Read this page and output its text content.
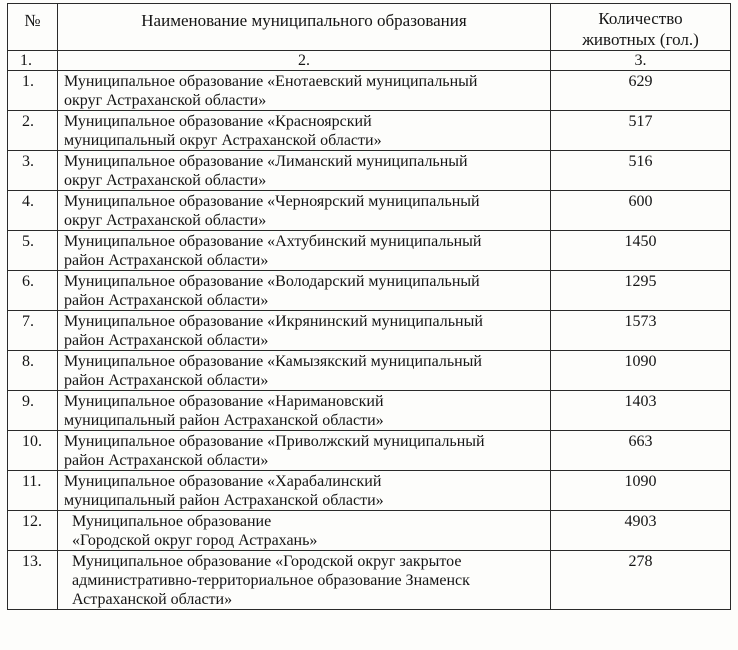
№	Наименование муниципального образования	Количество
животных (гол.)

1.	2.	3.
1.	Муниципальное образование «Енотаевский муниципальный
округ Астраханской области»	629
2.	Муниципальное образование «Красноярский
муниципальный округ Астраханской области»	517
3.	Муниципальное образование «Лиманский муниципальный
округ Астраханской области»	516
4.	Муниципальное образование «Черноярский муниципальный
округ Астраханской области»	600
5.	Муниципальное образование «Ахтубинский муниципальный
район Астраханской области»	1450
6.	Муниципальное образование «Володарский муниципальный
район Астраханской области»	1295
7.	Муниципальное образование «Икрянинский муниципальный
район Астраханской области»	1573
8.	Муниципальное образование «Камызякский муниципальный
район Астраханской области»	1090
9.	Муниципальное образование «Наримановский
муниципальный район Астраханской области»	1403
10.	Муниципальное образование «Приволжский муниципальный
район Астраханской области»	663
11.	Муниципальное образование «Харабалинский
муниципальный район Астраханской области»	1090
12.	Муниципальное образование
«Городской округ город Астрахань»	4903
13.	Муниципальное образование «Городской округ закрытое
административно-территориальное образование Знаменск
Астраханской области»	278
